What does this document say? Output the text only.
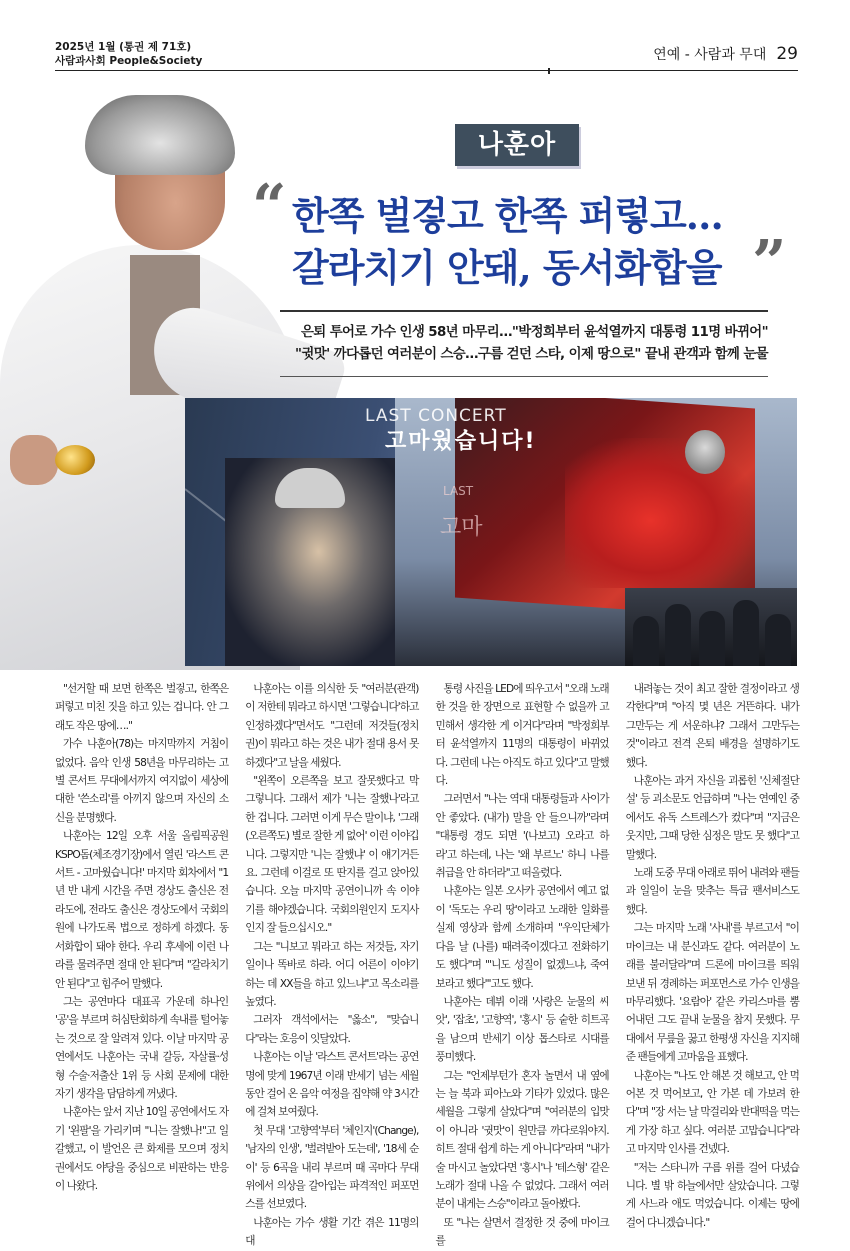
2025년 1월 (통권 제 71호)
사람과사회 People&Society	연예 - 사람과 무대 29
나훈아
“ 한쪽 벌겋고 한쪽 퍼렇고…
갈라치기 안돼, 동서화합을 ”
은퇴 투어로 가수 인생 58년 마무리…"박정희부터 윤석열까지 대통령 11명 바뀌어"
"귓맛' 까다롭던 여러분이 스승…구름 걷던 스타, 이제 땅으로" 끝내 관객과 함께 눈물
LAST CONCERT
고마웠습니다!
LAST
고마

"선거할 때 보면 한쪽은 벌겋고, 한쪽은 퍼렇고 미친 짓을 하고 있는 겁니다. 안 그래도 작은 땅에…."

가수 나훈아(78)는 마지막까지 거침이 없었다. 음악 인생 58년을 마무리하는 고별 콘서트 무대에서까지 여지없이 세상에 대한 '쓴소리'를 아끼지 않으며 자신의 소신을 분명했다.

나훈아는 12일 오후 서울 올림픽공원 KSPO돔(체조경기장)에서 열린 '라스트 콘서트 - 고마웠습니다!' 마지막 회차에서 "1년 반 내게 시간을 주면 경상도 출신은 전라도에, 전라도 출신은 경상도에서 국회의원에 나가도록 법으로 정하게 하겠다. 동서화합이 돼야 한다. 우리 후세에 이런 나라를 물려주면 절대 안 된다"며 "갈라치기 안 된다"고 힘주어 말했다.

그는 공연마다 대표곡 가운데 하나인 '공'을 부르며 허심탄회하게 속내를 털어놓는 것으로 잘 알려져 있다. 이날 마지막 공연에서도 나훈아는 국내 갈등, 자살률·성형 수술·저출산 1위 등 사회 문제에 대한 자기 생각을 담담하게 꺼냈다.

나훈아는 앞서 지난 10일 공연에서도 자기 '왼팔'을 가리키며 "니는 잘했나!"고 일갈했고, 이 발언은 큰 화제를 모으며 정치권에서도 야당을 중심으로 비판하는 반응이 나왔다.

나훈아는 이를 의식한 듯 "여러분(관객)이 저한테 뭐라고 하시면 '그렇습니다'하고 인정하겠다"면서도 "그런데 저것들(정치권)이 뭐라고 하는 것은 내가 절대 용서 못 하겠다"고 날을 세웠다.

"왼쪽이 오른쪽을 보고 잘못했다고 막 그렇니다. 그래서 제가 '니는 잘했나'라고 한 겁니다. 그러면 이게 무슨 말이냐, '그래 (오른쪽도) 별로 잘한 게 없어' 이런 이야깁니다. 그렇지만 '니는 잘했냐' 이 얘기거든요. 그런데 이걸로 또 딴지를 걸고 앉아있습니다. 오늘 마지막 공연이니까 속 이야기를 해야겠습니다. 국회의원인지 도지사인지 잘 들으십시오."

그는 "니보고 뭐라고 하는 저것들, 자기 일이나 똑바로 하라. 어디 어른이 이야기하는 데 XX들을 하고 있느냐"고 목소리를 높였다.

그러자 객석에서는 "옳소", "맞습니다"라는 호응이 잇달았다.

나훈아는 이날 '라스트 콘서트'라는 공연명에 맞게 1967년 이래 반세기 넘는 세월 동안 걸어 온 음악 여정을 집약해 약 3시간에 걸쳐 보여줬다.

첫 무대 '고향역'부터 '체인지'(Change), '남자의 인생', '벌려받아 도는데', '18세 순이' 등 6곡을 내리 부르며 때 곡마다 무대 위에서 의상을 갈아입는 파격적인 퍼포먼스를 선보였다.

나훈아는 가수 생활 기간 겪은 11명의 대

통령 사진을 LED에 띄우고서 "오래 노래한 것을 한 장면으로 표현할 수 없을까 고민해서 생각한 게 이거다"라며 "박정희부터 윤석열까지 11명의 대통령이 바뀌었다. 그런데 나는 아직도 하고 있다"고 말했다.

그러면서 "나는 역대 대통령들과 사이가 안 좋았다. (내가) 말을 안 들으니까"라며 "대통령 경도 되면 '(나보고) 오라고 하라'고 하는데, 나는 '왜 부르노' 하니 나를 취급을 안 하더라"고 떠올렸다.

나훈아는 일본 오사카 공연에서 예고 없이 '독도는 우리 땅'이라고 노래한 일화를 실제 영상과 함께 소개하며 "우익단체가 다음 날 (나를) 때려죽이겠다고 전화하기도 했다"며 "'니도 성질이 없겠느냐, 죽여보라고 했다'"고도 했다.

나훈아는 데뷔 이래 '사랑은 눈물의 씨앗', '잡초', '고향역', '홍시' 등 숱한 히트곡을 남으며 반세기 이상 톱스타로 시대를 풍미했다.

그는 "언제부턴가 혼자 놀면서 내 옆에는 늘 북과 피아노와 기타가 있었다. 많은 세월을 그렇게 살았다"며 "여러분의 입맛이 아니라 '귓맛'이 원만큼 까다로워야지. 히트 절대 쉽게 하는 게 아니다"라며 "내가 술 마시고 놀았다면 '홍시'나 '테스형' 같은 노래가 절대 나올 수 없었다. 그래서 여러분이 내게는 스승"이라고 돌아봤다.

또 "나는 살면서 결정한 것 중에 마이크를

내려놓는 것이 최고 잘한 결정이라고 생각한다"며 "아직 몇 년은 거뜬하다. 내가 그만두는 게 서운하냐? 그래서 그만두는 것"이라고 전격 은퇴 배경을 설명하기도 했다.

나훈아는 과거 자신을 괴롭힌 '신체절단설' 등 괴소문도 언급하며 "나는 연예인 중에서도 유독 스트레스가 컸다"며 "지금은 웃지만, 그때 당한 심정은 말도 못 했다"고 말했다.

노래 도중 무대 아래로 뛰어 내려와 팬들과 일일이 눈을 맞추는 특급 팬서비스도 했다.

그는 마지막 노래 '사내'를 부르고서 "이 마이크는 내 분신과도 같다. 여러분이 노래를 불러달라"며 드론에 마이크를 띄워 보낸 뒤 경례하는 퍼포먼스로 가수 인생을 마무리했다. '요람아' 같은 카리스마를 뿜어내던 그도 끝내 눈물을 참지 못했다. 무대에서 무릎을 꿇고 한평생 자신을 지지해 준 팬들에게 고마움을 표했다.

나훈아는 "나도 안 해본 것 해보고, 안 먹어본 것 먹어보고, 안 가본 데 가보려 한다"며 "장 서는 날 막걸리와 반대떡을 먹는 게 가장 하고 싶다. 여러분 고맙습니다"라고 마지막 인사를 건넸다.

"저는 스타니까 구름 위를 걸어 다녔습니다. 별 밖 하늘에서만 살았습니다. 그렇게 사느라 애도 먹었습니다. 이제는 땅에 걸어 다니겠습니다."
